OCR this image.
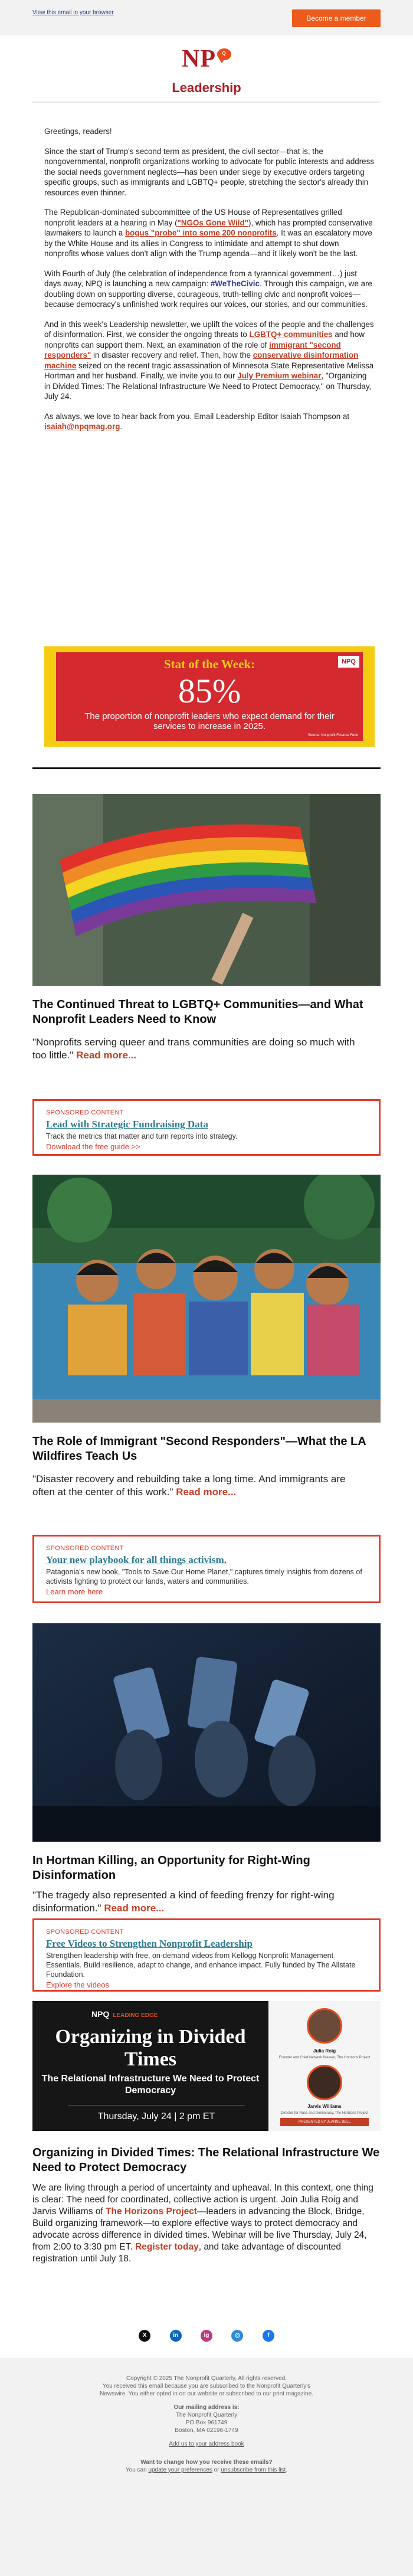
View this email in your browser
Become a member
NP	Q
Leadership

Greetings, readers!

Since the start of Trump's second term as president, the civil sector—that is, the nongovernmental, nonprofit organizations working to advocate for public interests and address the social needs government neglects—has been under siege by executive orders targeting specific groups, such as immigrants and LGBTQ+ people, stretching the sector's already thin resources even thinner.

The Republican-dominated subcommittee of the US House of Representatives grilled nonprofit leaders at a hearing in May ("NGOs Gone Wild"), which has prompted conservative lawmakers to launch a bogus "probe" into some 200 nonprofits. It was an escalatory move by the White House and its allies in Congress to intimidate and attempt to shut down nonprofits whose values don't align with the Trump agenda—and it likely won't be the last.

With Fourth of July (the celebration of independence from a tyrannical government…) just days away, NPQ is launching a new campaign: #WeTheCivic. Through this campaign, we are doubling down on supporting diverse, courageous, truth-telling civic and nonprofit voices—because democracy's unfinished work requires our voices, our stories, and our communities.

And in this week's Leadership newsletter, we uplift the voices of the people and the challenges of disinformation. First, we consider the ongoing threats to LGBTQ+ communities and how nonprofits can support them. Next, an examination of the role of immigrant "second responders" in disaster recovery and relief. Then, how the conservative disinformation machine seized on the recent tragic assassination of Minnesota State Representative Melissa Hortman and her husband. Finally, we invite you to our July Premium webinar, "Organizing in Divided Times: The Relational Infrastructure We Need to Protect Democracy," on Thursday, July 24.

As always, we love to hear back from you. Email Leadership Editor Isaiah Thompson at isaiah@npqmag.org.

NPQ
Stat of the Week:
85%
The proportion of nonprofit leaders who expect demand for their services to increase in 2025.
Source: Nonprofit Finance Fund
The Continued Threat to LGBTQ+ Communities—and What Nonprofit Leaders Need to Know
"Nonprofits serving queer and trans communities are doing so much with too little." Read more...
SPONSORED CONTENT
Lead with Strategic Fundraising Data
Track the metrics that matter and turn reports into strategy.
Download the free guide >>
The Role of Immigrant "Second Responders"—What the LA Wildfires Teach Us
"Disaster recovery and rebuilding take a long time. And immigrants are often at the center of this work." Read more...
SPONSORED CONTENT
Your new playbook for all things activism.
Patagonia's new book, "Tools to Save Our Home Planet," captures timely insights from dozens of activists fighting to protect our lands, waters and communities.
Learn more here
In Hortman Killing, an Opportunity for Right-Wing Disinformation
"The tragedy also represented a kind of feeding frenzy for right-wing disinformation." Read more...
SPONSORED CONTENT
Free Videos to Strengthen Nonprofit Leadership
Strengthen leadership with free, on-demand videos from Kellogg Nonprofit Management Essentials. Build resilience, adapt to change, and enhance impact. Fully funded by The Allstate Foundation.
Explore the videos
NPQ LEADING EDGE
Organizing in Divided Times
The Relational Infrastructure We Need to Protect Democracy
Thursday, July 24 | 2 pm ET
Julia Roig
Founder and Chief Network Weaver, The Horizons Project
Jarvis Williams
Director for Race and Democracy, The Horizons Project
PRESENTED BY JEANNE BELL
Organizing in Divided Times: The Relational Infrastructure We Need to Protect Democracy
We are living through a period of uncertainty and upheaval. In this context, one thing is clear: The need for coordinated, collective action is urgent. Join Julia Roig and Jarvis Williams of The Horizons Project—leaders in advancing the Block, Bridge, Build organizing framework—to explore effective ways to protect democracy and advocate across difference in divided times. Webinar will be live Thursday, July 24, from 2:00 to 3:30 pm ET. Register today, and take advantage of discounted registration until July 18.
X	in	ig	◎	f

Copyright © 2025 The Nonprofit Quarterly, All rights reserved.

You received this email because you are subscribed to the Nonprofit Quarterly's Newswire. You either opted in on our website or subscribed to our print magazine.

Our mailing address is:

The Nonprofit Quarterly

PO Box 961749

Boston, MA 02196-1749

Add us to your address book

Want to change how you receive these emails?

You can update your preferences or unsubscribe from this list.
